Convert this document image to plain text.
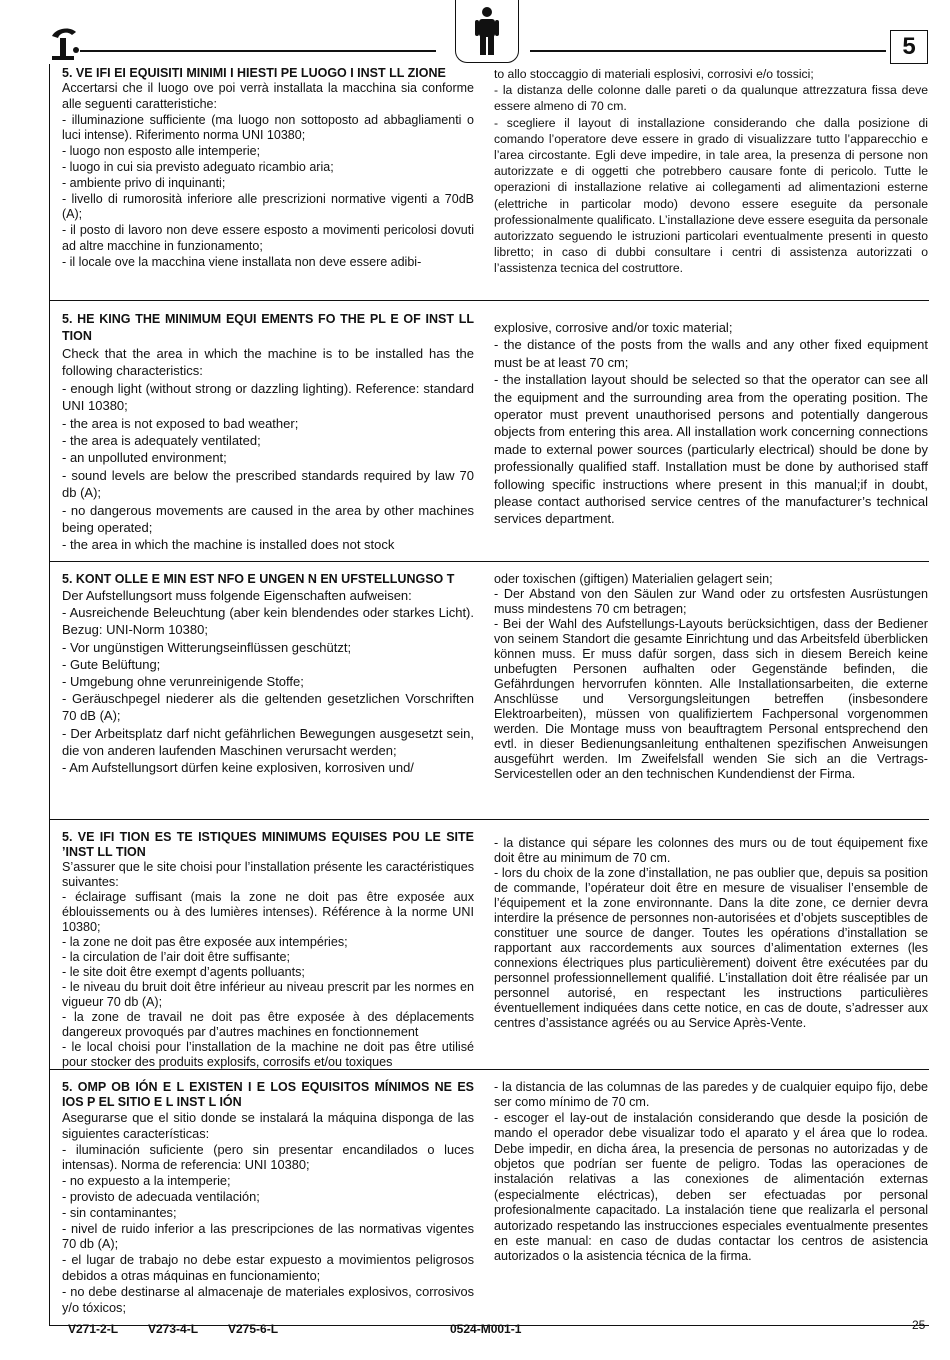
5

5. VE IFI EI EQUISITI MINIMI I HIESTI PE LUOGO I INST LL ZIONE

Accertarsi che il luogo ove poi verrà installata la macchina sia conforme alle seguenti caratteristiche:

- illuminazione sufficiente (ma luogo non sottoposto ad abbagliamenti o luci intense). Riferimento norma UNI 10380;

- luogo non esposto alle intemperie;

- luogo in cui sia previsto adeguato ricambio aria;

- ambiente privo di inquinanti;

- livello di rumorosità inferiore alle prescrizioni normative vigenti a 70dB (A);

- il posto di lavoro non deve essere esposto a movimenti pericolosi dovuti ad altre macchine in funzionamento;

- il locale ove la macchina viene installata non deve essere adibi-

to allo stoccaggio di materiali esplosivi, corrosivi e/o tossici;

- la distanza delle colonne dalle pareti o da qualunque attrezzatura fissa deve essere almeno di 70 cm.

- scegliere il layout di installazione considerando che dalla posizione di comando l’operatore deve essere in grado di visualizzare tutto l’apparecchio e l’area circostante. Egli deve impedire, in tale area, la presenza di persone non autorizzate e di oggetti che potrebbero causare fonte di pericolo. Tutte le operazioni di installazione relative ai collegamenti ad alimentazioni esterne (elettriche in particolar modo) devono essere eseguite da personale professionalmente qualificato. L’installazione deve essere eseguita da personale autorizzato seguendo le istruzioni particolari eventualmente presenti in questo libretto; in caso di dubbi consultare i centri di assistenza autorizzati o l’assistenza tecnica del costruttore.

5. HE KING THE MINIMUM EQUI EMENTS FO THE PL E OF INST LL TION

Check that the area in which the machine is to be installed has the following characteristics:

- enough light (without strong or dazzling lighting). Reference: standard UNI 10380;

- the area is not exposed to bad weather;

- the area is adequately ventilated;

- an unpolluted environment;

- sound levels are below the prescribed standards required by law 70 db (A);

- no dangerous movements are caused in the area by other machines being operated;

- the area in which the machine is installed does not stock

explosive, corrosive and/or toxic material;

- the distance of the posts from the walls and any other fixed equipment must be at least 70 cm;

- the installation layout should be selected so that the operator can see all the equipment and the surrounding area from the operating position. The operator must prevent unauthorised persons and potentially dangerous objects from entering this area. All installation work concerning connections made to external power sources (particularly electrical) should be done by professionally qualified staff. Installation must be done by authorised staff following specific instructions where present in this manual;if in doubt, please contact authorised service centres of the manufacturer’s technical services department.

5. KONT OLLE E MIN EST NFO E UNGEN N EN UFSTELLUNGSO T

Der Aufstellungsort muss folgende Eigenschaften aufweisen:

- Ausreichende Beleuchtung (aber kein blendendes oder starkes Licht). Bezug: UNI-Norm 10380;

- Vor ungünstigen Witterungseinflüssen geschützt;

- Gute Belüftung;

- Umgebung ohne verunreinigende Stoffe;

- Geräuschpegel niederer als die geltenden gesetzlichen Vorschriften 70 dB (A);

- Der Arbeitsplatz darf nicht gefährlichen Bewegungen ausgesetzt sein, die von anderen laufenden Maschinen verursacht werden;

- Am Aufstellungsort dürfen keine explosiven, korrosiven und/

oder toxischen (giftigen) Materialien gelagert sein;

- Der Abstand von den Säulen zur Wand oder zu ortsfesten Ausrüstungen muss mindestens 70 cm betragen;

- Bei der Wahl des Aufstellungs-Layouts berücksichtigen, dass der Bediener von seinem Standort die gesamte Einrichtung und das Arbeitsfeld überblicken können muss. Er muss dafür sorgen, dass sich in diesem Bereich keine unbefugten Personen aufhalten oder Gegenstände befinden, die Gefährdungen hervorrufen könnten. Alle Installationsarbeiten, die externe Anschlüsse und Versorgungsleitungen betreffen (insbesondere Elektroarbeiten), müssen von qualifiziertem Fachpersonal vorgenommen werden. Die Montage muss von beauftragtem Personal entsprechend den evtl. in dieser Bedienungsanleitung enthaltenen spezifischen Anweisungen ausgeführt werden. Im Zweifelsfall wenden Sie sich an die Vertrags-Servicestellen oder an den technischen Kundendienst der Firma.

5. VE IFI TION ES TE ISTIQUES MINIMUMS EQUISES POU LE SITE ’INST LL TION

S’assurer que le site choisi pour l’installation présente les caractéristiques suivantes:

- éclairage suffisant (mais la zone ne doit pas être exposée aux éblouissements ou à des lumières intenses). Référence à la norme UNI 10380;

- la zone ne doit pas être exposée aux intempéries;

- la circulation de l’air doit être suffisante;

- le site doit être exempt d’agents polluants;

- le niveau du bruit doit être inférieur au niveau prescrit par les normes en vigueur 70 db (A);

- la zone de travail ne doit pas être exposée à des déplacements dangereux provoqués par d’autres machines en fonctionnement

- le local choisi pour l’installation de la machine ne doit pas être utilisé pour stocker des produits explosifs, corrosifs et/ou toxiques

- la distance qui sépare les colonnes des murs ou de tout équipement fixe doit être au minimum de 70 cm.

- lors du choix de la zone d’installation, ne pas oublier que, depuis sa position de commande, l’opérateur doit être en mesure de visualiser l’ensemble de l’équipement et la zone environnante. Dans la dite zone, ce dernier devra interdire la présence de personnes non-autorisées et d’objets susceptibles de constituer une source de danger. Toutes les opérations d’installation se rapportant aux raccordements aux sources d’alimentation externes (les connexions électriques plus particulièrement) doivent être exécutées par du personnel professionnellement qualifié. L’installation doit être réalisée par un personnel autorisé, en respectant les instructions particulières éventuellement indiquées dans cette notice, en cas de doute, s’adresser aux centres d’assistance agréés ou au Service Après-Vente.

5. OMP OB IÓN E L EXISTEN I E LOS EQUISITOS MÍNIMOS NE ES IOS P EL SITIO E L INST L IÓN

Asegurarse que el sitio donde se instalará la máquina disponga de las siguientes características:

- iluminación suficiente (pero sin presentar encandilados o luces intensas). Norma de referencia: UNI 10380;

- no expuesto a la intemperie;

- provisto de adecuada ventilación;

- sin contaminantes;

- nivel de ruido inferior a las prescripciones de las normativas vigentes 70 db (A);

- el lugar de trabajo no debe estar expuesto a movimientos peligrosos debidos a otras máquinas en funcionamiento;

- no debe destinarse al almacenaje de materiales explosivos, corrosivos y/o tóxicos;

- la distancia de las columnas de las paredes y de cualquier equipo fijo, debe ser como mínimo de 70 cm.

- escoger el lay-out de instalación considerando que desde la posición de mando el operador debe visualizar todo el aparato y el área que lo rodea. Debe impedir, en dicha área, la presencia de personas no autorizadas y de objetos que podrían ser fuente de peligro. Todas las operaciones de instalación relativas a las conexiones de alimentación externas (especialmente eléctricas), deben ser efectuadas por personal profesionalmente capacitado. La instalación tiene que realizarla el personal autorizado respetando las instrucciones especiales eventualmente presentes en este manual: en caso de dudas contactar los centros de asistencia autorizados o la asistencia técnica de la firma.

V271-2-L V273-4-L V275-6-L	0524-M001-1	25
